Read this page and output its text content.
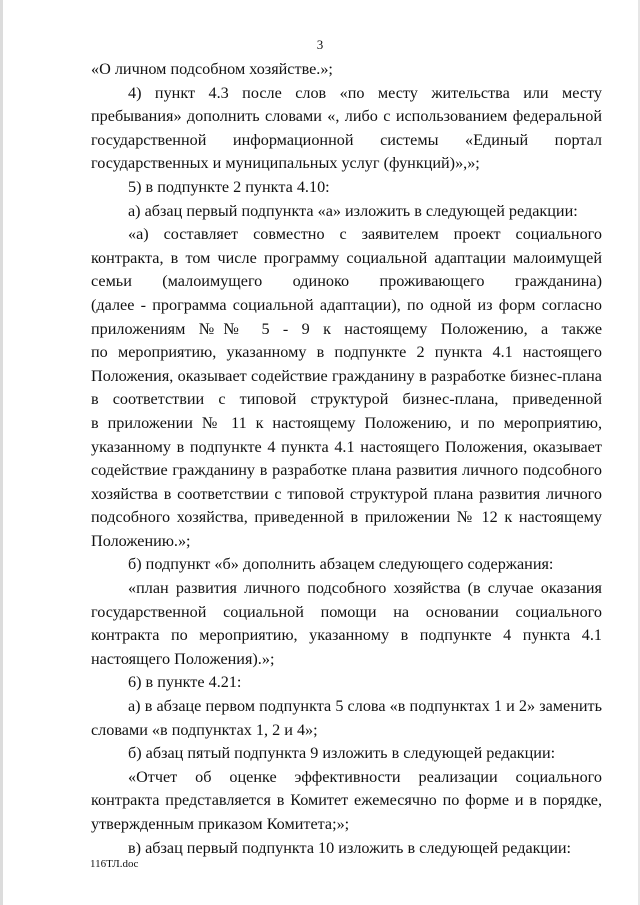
3
«О личном подсобном хозяйстве.»;
4) пункт 4.3 после слов «по месту жительства или месту
пребывания» дополнить словами «, либо с использованием федеральной
государственной информационной системы «Единый портал
государственных и муниципальных услуг (функций)»,»;
5) в подпункте 2 пункта 4.10:
а) абзац первый подпункта «а» изложить в следующей редакции:
«а) составляет совместно с заявителем проект социального
контракта, в том числе программу социальной адаптации малоимущей
семьи (малоимущего одиноко проживающего гражданина)
(далее - программа социальной адаптации), по одной из форм согласно
приложениям №№ 5 - 9 к настоящему Положению, а также
по мероприятию, указанному в подпункте 2 пункта 4.1 настоящего
Положения, оказывает содействие гражданину в разработке бизнес-плана
в соответствии с типовой структурой бизнес-плана, приведенной
в приложении № 11 к настоящему Положению, и по мероприятию,
указанному в подпункте 4 пункта 4.1 настоящего Положения, оказывает
содействие гражданину в разработке плана развития личного подсобного
хозяйства в соответствии с типовой структурой плана развития личного
подсобного хозяйства, приведенной в приложении № 12 к настоящему
Положению.»;
б) подпункт «б» дополнить абзацем следующего содержания:
«план развития личного подсобного хозяйства (в случае оказания
государственной социальной помощи на основании социального
контракта по мероприятию, указанному в подпункте 4 пункта 4.1
настоящего Положения).»;
6) в пункте 4.21:
а) в абзаце первом подпункта 5 слова «в подпунктах 1 и 2» заменить
словами «в подпунктах 1, 2 и 4»;
б) абзац пятый подпункта 9 изложить в следующей редакции:
«Отчет об оценке эффективности реализации социального
контракта представляется в Комитет ежемесячно по форме и в порядке,
утвержденным приказом Комитета;»;
в) абзац первый подпункта 10 изложить в следующей редакции:
116ТЛ.doc
